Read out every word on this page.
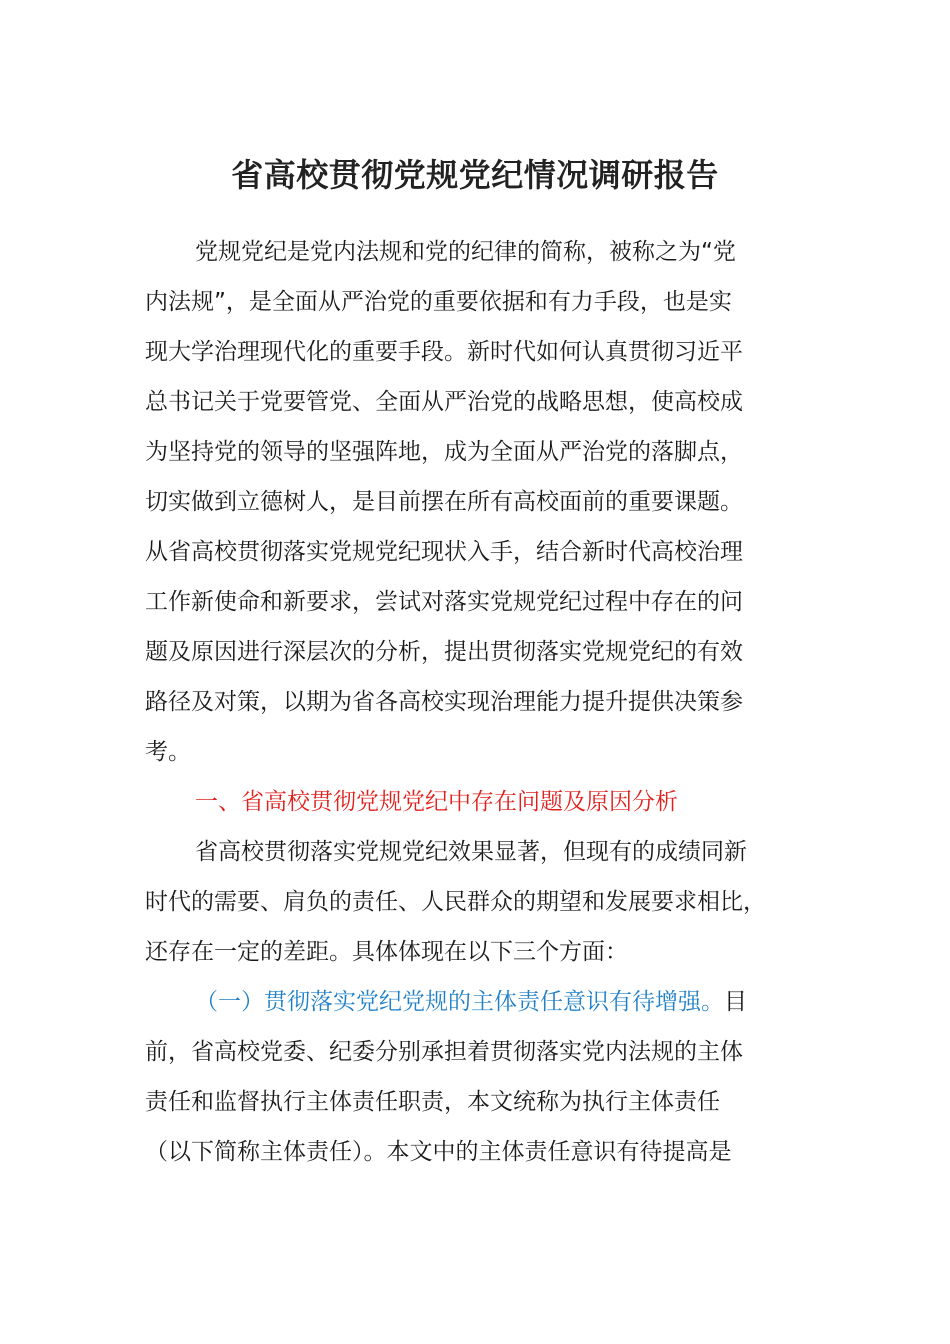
省高校贯彻党规党纪情况调研报告
党规党纪是党内法规和党的纪律的简称，被称之为“党
内法规”，是全面从严治党的重要依据和有力手段，也是实
现大学治理现代化的重要手段。新时代如何认真贯彻习近平
总书记关于党要管党、全面从严治党的战略思想，使高校成
为坚持党的领导的坚强阵地，成为全面从严治党的落脚点，
切实做到立德树人，是目前摆在所有高校面前的重要课题。
从省高校贯彻落实党规党纪现状入手，结合新时代高校治理
工作新使命和新要求，尝试对落实党规党纪过程中存在的问
题及原因进行深层次的分析，提出贯彻落实党规党纪的有效
路径及对策，以期为省各高校实现治理能力提升提供决策参
考。
一、省高校贯彻党规党纪中存在问题及原因分析
省高校贯彻落实党规党纪效果显著，但现有的成绩同新
时代的需要、肩负的责任、人民群众的期望和发展要求相比，
还存在一定的差距。具体体现在以下三个方面：
（一）贯彻落实党纪党规的主体责任意识有待增强。目
前，省高校党委、纪委分别承担着贯彻落实党内法规的主体
责任和监督执行主体责任职责，本文统称为执行主体责任
（以下简称主体责任）。本文中的主体责任意识有待提高是
